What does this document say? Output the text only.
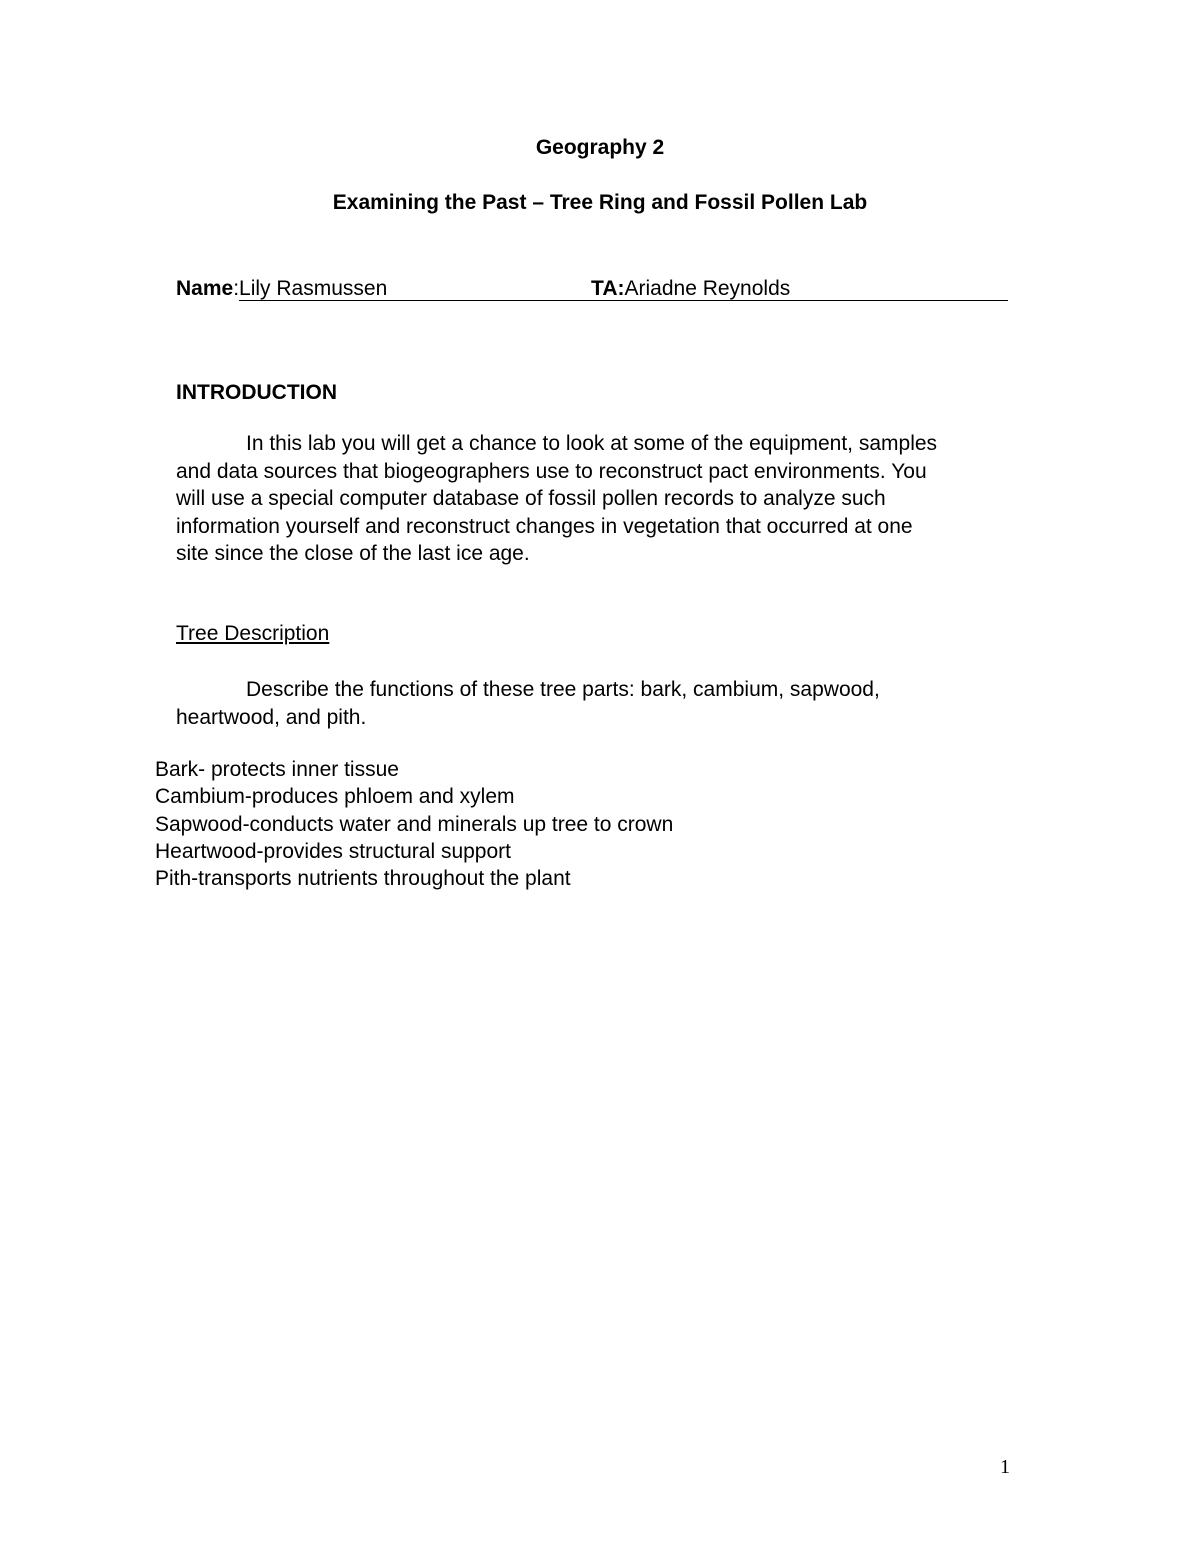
Geography 2
Examining the Past – Tree Ring and Fossil Pollen Lab
Name:Lily Rasmussen	TA:Ariadne Reynolds
INTRODUCTION
In this lab you will get a chance to look at some of the equipment, samples
and data sources that biogeographers use to reconstruct pact environments. You
will use a special computer database of fossil pollen records to analyze such
information yourself and reconstruct changes in vegetation that occurred at one
site since the close of the last ice age.
Tree Description
Describe the functions of these tree parts: bark, cambium, sapwood,
heartwood, and pith.
Bark- protects inner tissue
Cambium-produces phloem and xylem
Sapwood-conducts water and minerals up tree to crown
Heartwood-provides structural support
Pith-transports nutrients throughout the plant
1
